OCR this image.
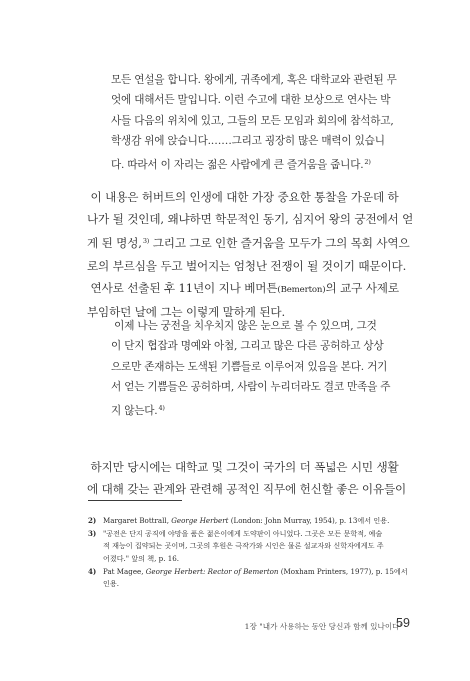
모든 연설을 합니다. 왕에게, 귀족에게, 혹은 대학교와 관련된 무

엇에 대해서든 말입니다. 이런 수고에 대한 보상으로 연사는 박

사들 다음의 위치에 있고, 그들의 모든 모임과 회의에 참석하고,

학생감 위에 앉습니다.……그리고 굉장히 많은 매력이 있습니

다. 따라서 이 자리는 젊은 사람에게 큰 즐거움을 줍니다.$^{2)}$

이 내용은 허버트의 인생에 대한 가장 중요한 통찰을 가운데 하

나가 될 것인데, 왜냐하면 학문적인 동기, 심지어 왕의 궁전에서 얻

게 된 명성,$^{3)}$ 그리고 그로 인한 즐거움을 모두가 그의 목회 사역으

로의 부르심을 두고 벌어지는 엄청난 전쟁이 될 것이기 때문이다.

연사로 선출된 후 11년이 지나 베머튼(Bemerton)의 교구 사제로

부임하던 날에 그는 이렇게 말하게 된다.

이제 나는 궁전을 치우치지 않은 눈으로 볼 수 있으며, 그것

이 단지 협잡과 명예와 아첨, 그리고 많은 다른 공허하고 상상

으로만 존재하는 도색된 기쁨들로 이루어져 있음을 본다. 거기

서 얻는 기쁨들은 공허하며, 사람이 누리더라도 결코 만족을 주

지 않는다.$^{4)}$

하지만 당시에는 대학교 및 그것이 국가의 더 폭넓은 시민 생활

에 대해 갖는 관계와 관련해 공적인 직무에 헌신할 좋은 이유들이

2) Margaret Bottrall, George Herbert (London: John Murray, 1954), p. 13에서 인용.
3) "공전은 단지 공직에 야망을 품은 젊은이에게 도약판이 아니었다. 그곳은 모든 문학적, 예술
적 재능이 집약되는 곳이며, 그곳의 후원은 극작가와 시인은 물론 설교자와 신학자에게도 주
어졌다." 앞의 책, p. 16.
4) Pat Magee, George Herbert: Rector of Bemerton (Moxham Printers, 1977), p. 15에서
인용.
1장 "내가 사용하는 동안 당신과 함께 있나이다"
59
